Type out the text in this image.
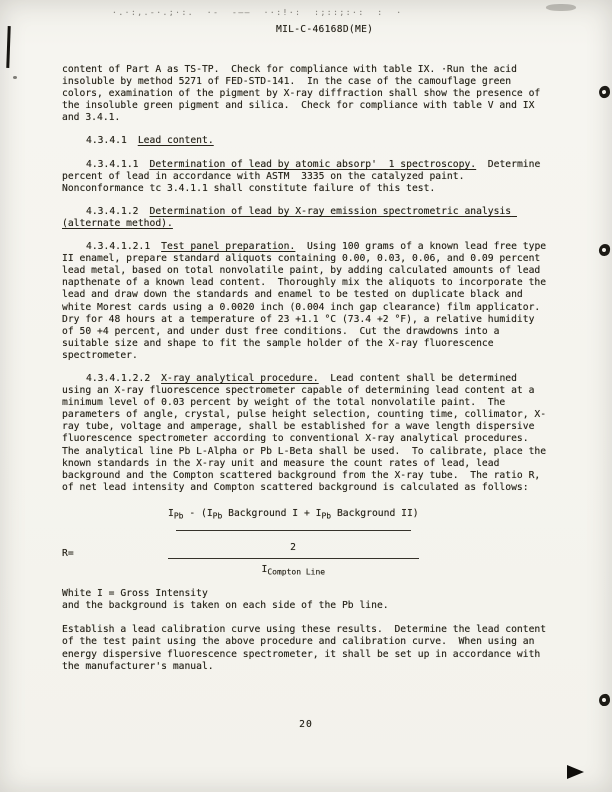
·.·:,.-·.;·:.  ·-  -——  ··:!·:  :;::;:·:  :  ·
MIL-C-46168D(ME)

content of Part A as TS-TP.  Check for compliance with table IX. ·Run the acid insoluble by method 5271 of FED-STD-141.  In the case of the camouflage green colors, examination of the pigment by X-ray diffraction shall show the presence of the insoluble green pigment and silica.  Check for compliance with table V and IX and 3.4.1.

4.3.4.1 Lead content.

4.3.4.1.1 Determination of lead by atomic absorp'  1 spectroscopy.  Determine percent of lead in accordance with ASTM  3335 on the catalyzed paint.  Nonconformance tc 3.4.1.1 shall constitute failure of this test.

4.3.4.1.2 Determination of lead by X-ray emission spectrometric analysis (alternate method).

4.3.4.1.2.1 Test panel preparation.  Using 100 grams of a known lead free type II enamel, prepare standard aliquots containing 0.00, 0.03, 0.06, and 0.09 percent lead metal, based on total nonvolatile paint, by adding calculated amounts of lead napthenate of a known lead content.  Thoroughly mix the aliquots to incorporate the lead and draw down the standards and enamel to be tested on duplicate black and white Morest cards using a 0.0020 inch (0.004 inch gap clearance) film applicator.  Dry for 48 hours at a temperature of 23 +1.1 °C (73.4 +2 °F), a relative humidity of 50 +4 percent, and under dust free conditions.  Cut the drawdowns into a suitable size and shape to fit the sample holder of the X-ray fluorescence spectrometer.

4.3.4.1.2.2 X-ray analytical procedure.  Lead content shall be determined using an X-ray fluorescence spectrometer capable of determining lead content at a minimum level of 0.03 percent by weight of the total nonvolatile paint.  The parameters of angle, crystal, pulse height selection, counting time, collimator, X-ray tube, voltage and amperage, shall be established for a wave length dispersive fluorescence spectrometer according to conventional X-ray analytical procedures.  The analytical line Pb L-Alpha or Pb L-Beta shall be used.  To calibrate, place the known standards in the X-ray unit and measure the count rates of lead, lead background and the Compton scattered background from the X-ray tube.  The ratio R, of net lead intensity and Compton scattered background is calculated as follows:

R=
$I_{Pb} - (I_{Pb}$ Background $I + I_{Pb}$ Background II)
2
$I_{Compton Line}$

White I = Gross Intensity

and the background is taken on each side of the Pb line.

Establish a lead calibration curve using these results.  Determine the lead content of the test paint using the above procedure and calibration curve.  When using an energy dispersive fluorescence spectrometer, it shall be set up in accordance with the manufacturer's manual.

20
